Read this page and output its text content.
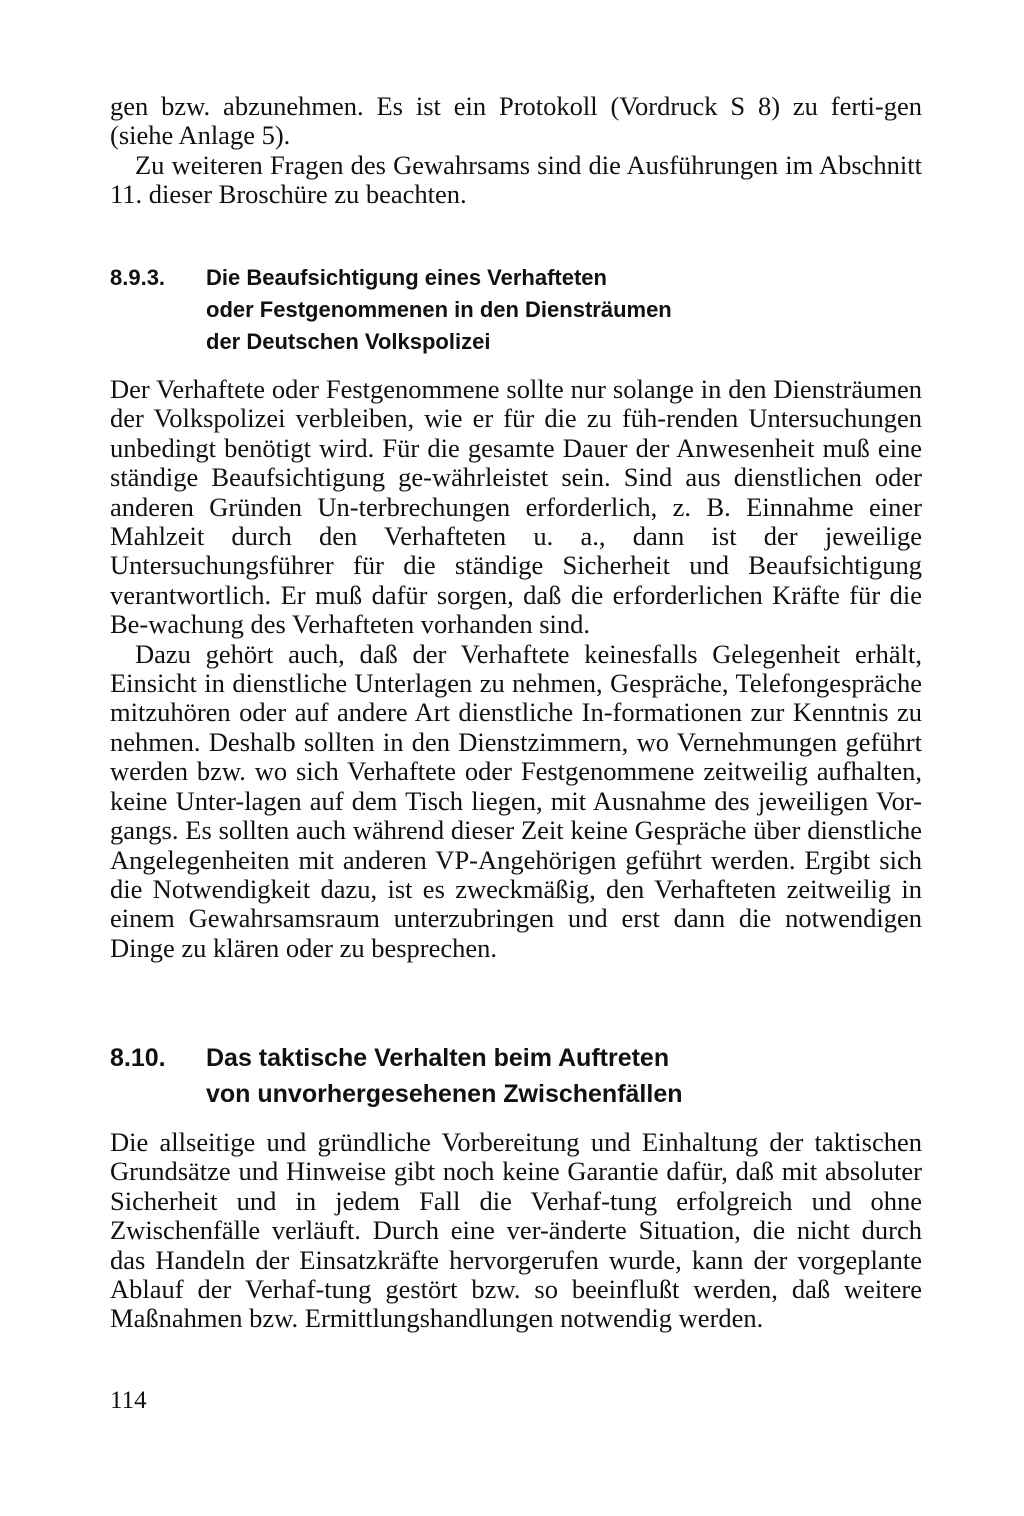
gen bzw. abzunehmen. Es ist ein Protokoll (Vordruck S 8) zu ferti-gen (siehe Anlage 5).

Zu weiteren Fragen des Gewahrsams sind die Ausführungen im Abschnitt 11. dieser Broschüre zu beachten.

8.9.3. Die Beaufsichtigung eines Verhafteten
oder Festgenommenen in den Diensträumen
der Deutschen Volkspolizei

Der Verhaftete oder Festgenommene sollte nur solange in den Diensträumen der Volkspolizei verbleiben, wie er für die zu füh-renden Untersuchungen unbedingt benötigt wird. Für die gesamte Dauer der Anwesenheit muß eine ständige Beaufsichtigung ge-währleistet sein. Sind aus dienstlichen oder anderen Gründen Un-terbrechungen erforderlich, z. B. Einnahme einer Mahlzeit durch den Verhafteten u. a., dann ist der jeweilige Untersuchungsführer für die ständige Sicherheit und Beaufsichtigung verantwortlich. Er muß dafür sorgen, daß die erforderlichen Kräfte für die Be-wachung des Verhafteten vorhanden sind.

Dazu gehört auch, daß der Verhaftete keinesfalls Gelegenheit erhält, Einsicht in dienstliche Unterlagen zu nehmen, Gespräche, Telefongespräche mitzuhören oder auf andere Art dienstliche In-formationen zur Kenntnis zu nehmen. Deshalb sollten in den Dienstzimmern, wo Vernehmungen geführt werden bzw. wo sich Verhaftete oder Festgenommene zeitweilig aufhalten, keine Unter-lagen auf dem Tisch liegen, mit Ausnahme des jeweiligen Vor-gangs. Es sollten auch während dieser Zeit keine Gespräche über dienstliche Angelegenheiten mit anderen VP-Angehörigen geführt werden. Ergibt sich die Notwendigkeit dazu, ist es zweckmäßig, den Verhafteten zeitweilig in einem Gewahrsamsraum unterzubringen und erst dann die notwendigen Dinge zu klären oder zu besprechen.

8.10. Das taktische Verhalten beim Auftreten
von unvorhergesehenen Zwischenfällen

Die allseitige und gründliche Vorbereitung und Einhaltung der taktischen Grundsätze und Hinweise gibt noch keine Garantie dafür, daß mit absoluter Sicherheit und in jedem Fall die Verhaf-tung erfolgreich und ohne Zwischenfälle verläuft. Durch eine ver-änderte Situation, die nicht durch das Handeln der Einsatzkräfte hervorgerufen wurde, kann der vorgeplante Ablauf der Verhaf-tung gestört bzw. so beeinflußt werden, daß weitere Maßnahmen bzw. Ermittlungshandlungen notwendig werden.

114
